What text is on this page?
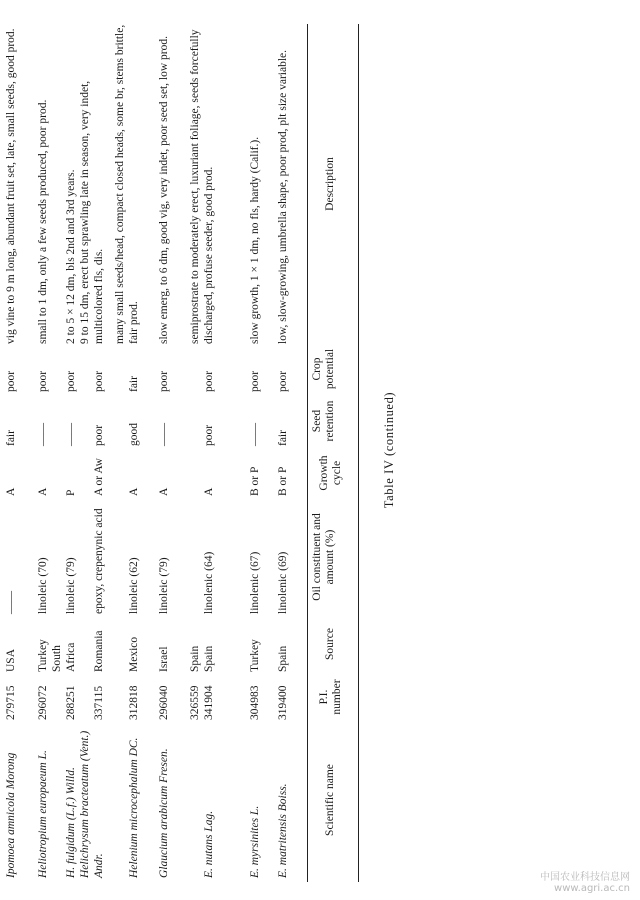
Table IV (continued)
Scientific name
P.I. number
Source
Oil constituent and amount (%)
Growth cycle
Seed retention
Crop potential
Description
E. matritensis Boiss.
319400
Spain
linolenic (69)
B or P
fair
poor
low, slow-growing, umbrella shape, poor prod, plt size variable.
E. myrsinites L.
304983
Turkey
linolenic (67)
B or P
——
poor
slow growth, 1 × 1 dm, no fls, hardy (Calif.).
E. nutans Lag.
326559
341904
Spain
Spain
linolenic (64)
A
poor
poor
semiprostrate to moderately erect, luxuriant foliage, seeds forcefully discharged, profuse seeder, good prod.
Glaucium arabicum Fresen.
296040
Israel
linoleic (79)
A
——
poor
slow emerg, to 6 dm, good vig, very indet, poor seed set, low prod.
Helenium microcephalum DC.
312818
Mexico
linoleic (62)
A
good
fair
many small seeds/head, compact closed heads, some br, stems brittle, fair prod.
Helichrysum bracteatum (Vent.) Andr.
337115
Romania
epoxy, crepenynic acid
A or Aw
poor
poor
9 to 15 dm, erect but sprawling late in season, very indet, multicolored fls, dis.
H. fulgidum (L.f.) Willd.
288251
South Africa
linoleic (79)
P
——
poor
2 to 5 × 12 dm, bls 2nd and 3rd years.
Heliotropium europaeum L.
296072
Turkey
linoleic (70)
A
——
poor
small to 1 dm, only a few seeds produced, poor prod.
Ipomoea amnicola Morong
279715
USA
——
A
fair
poor
vig vine to 9 m long, abundant fruit set, late, small seeds, good prod.
中国农业科技信息网
www.agri.ac.cn
